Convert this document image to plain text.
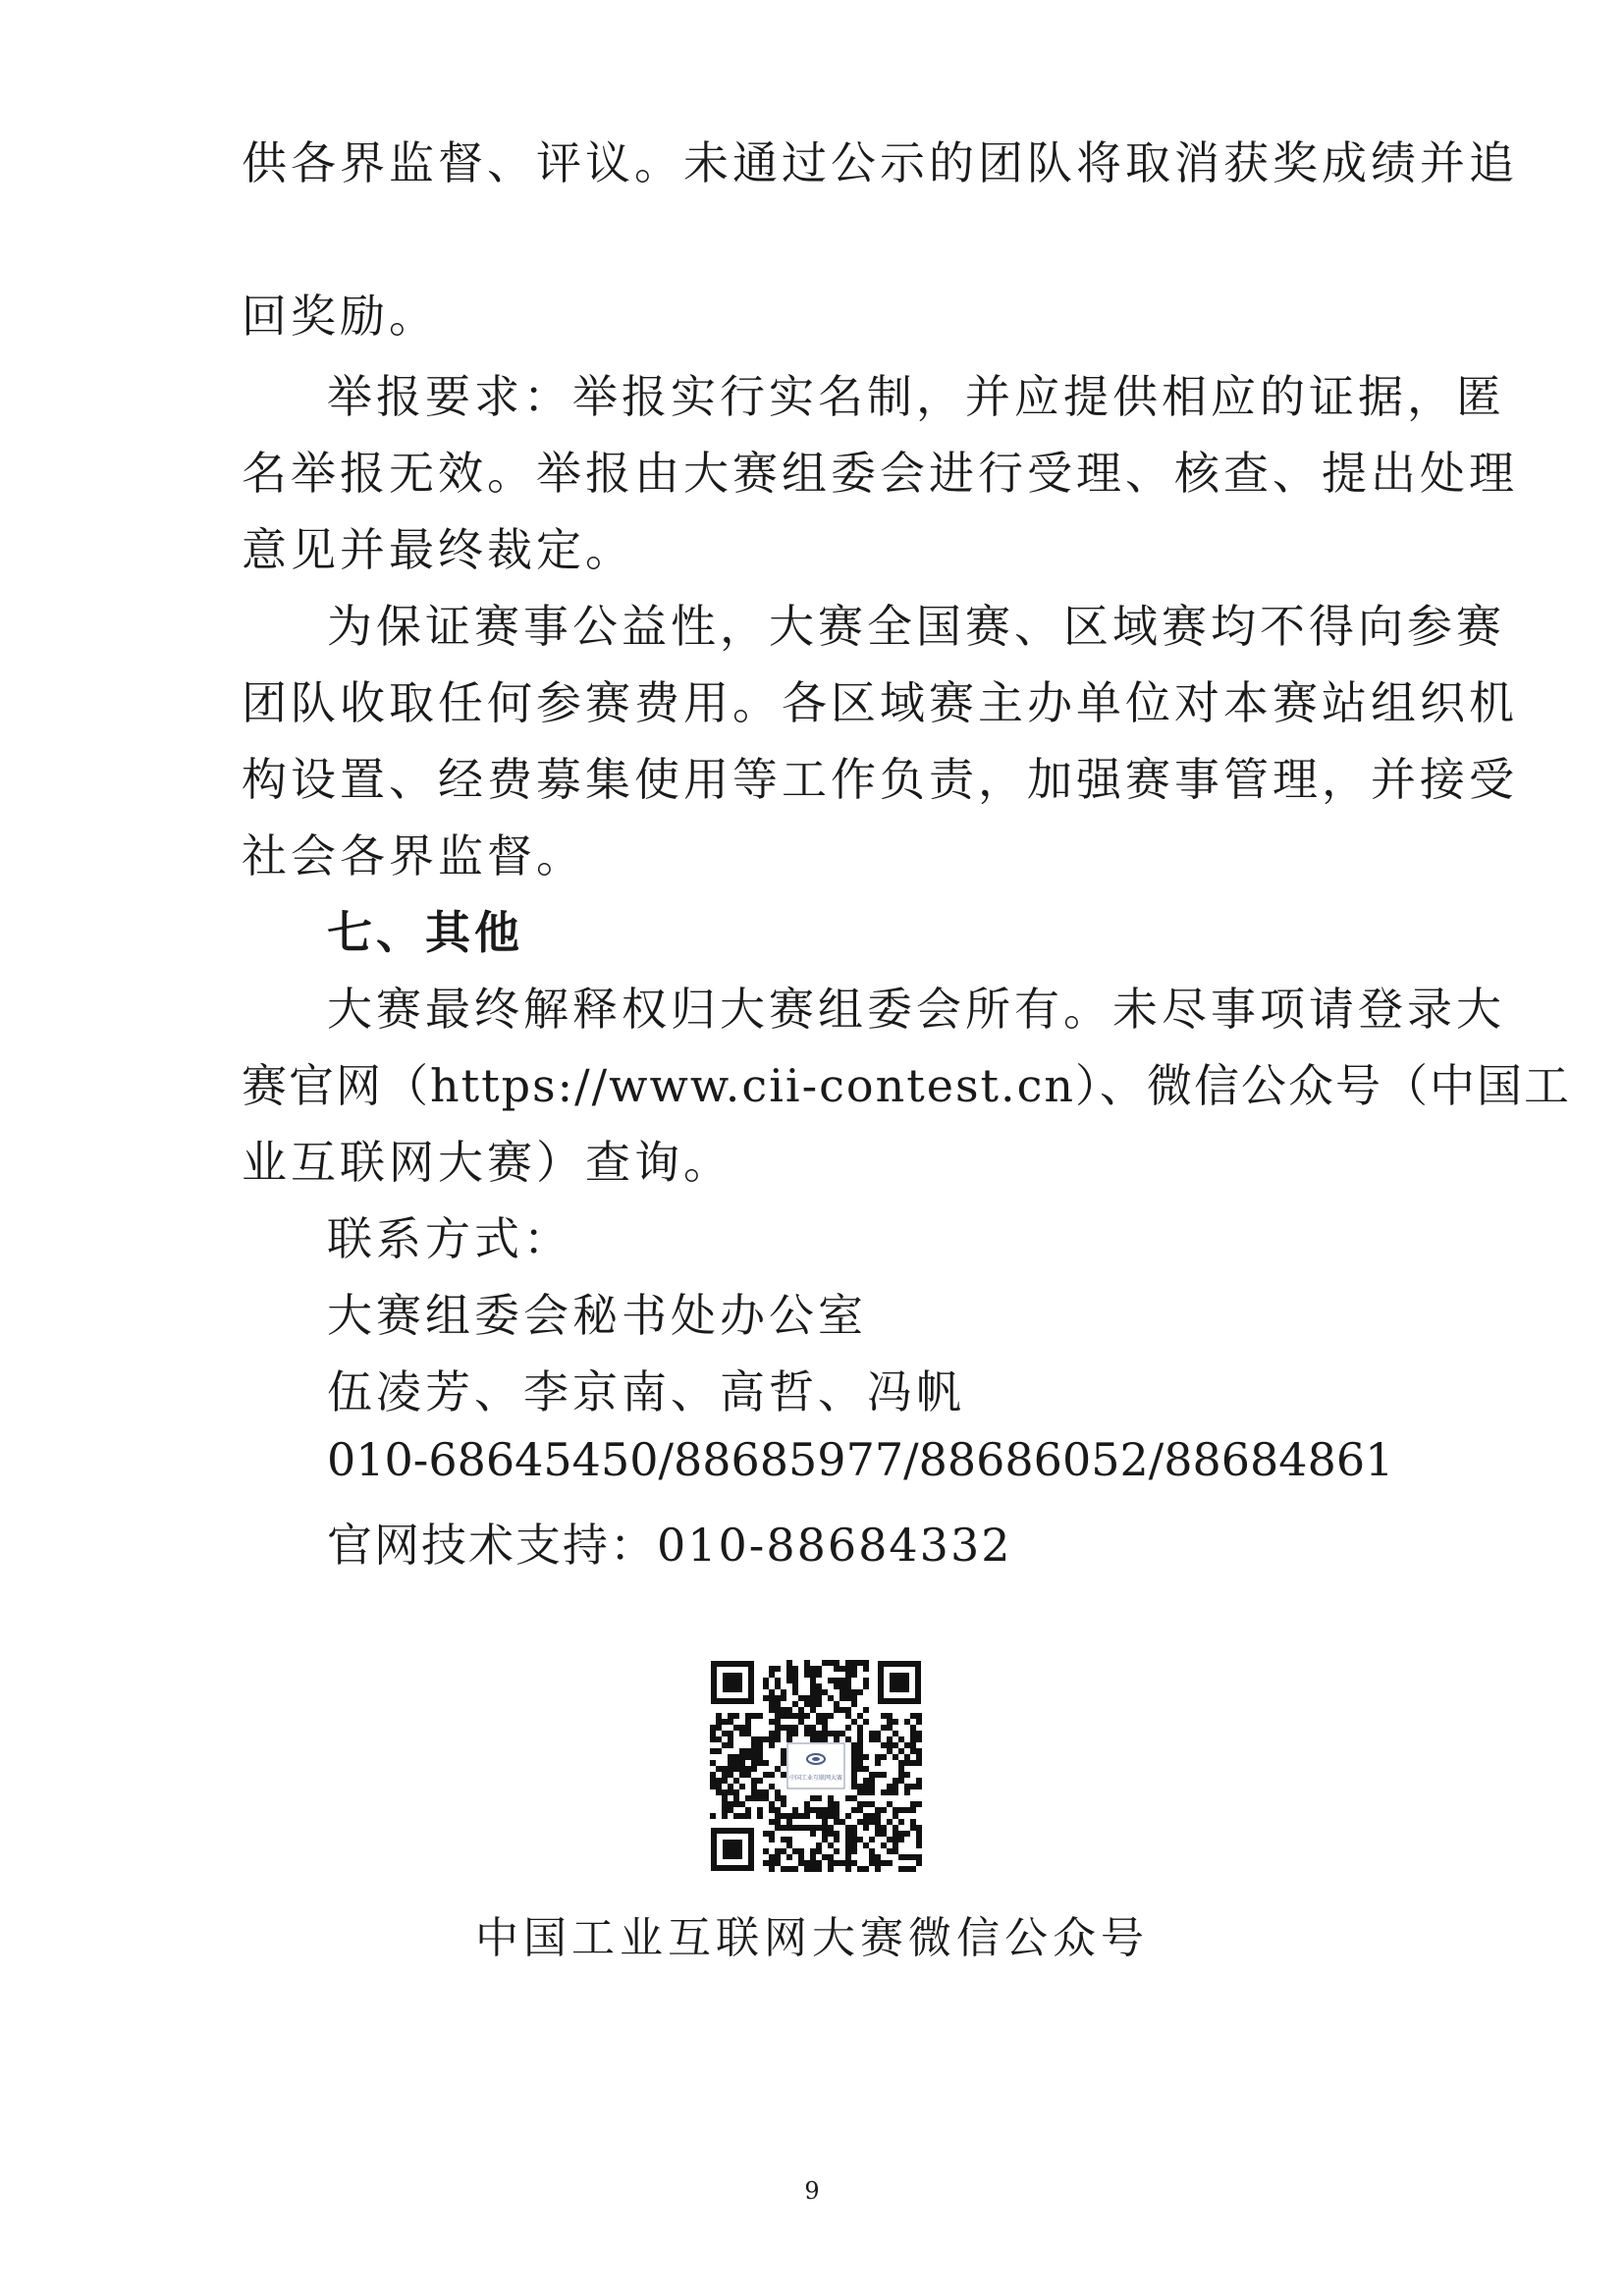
供各界监督、评议。未通过公示的团队将取消获奖成绩并追
回奖励。
举报要求：举报实行实名制，并应提供相应的证据，匿
名举报无效。举报由大赛组委会进行受理、核查、提出处理
意见并最终裁定。
为保证赛事公益性，大赛全国赛、区域赛均不得向参赛
团队收取任何参赛费用。各区域赛主办单位对本赛站组织机
构设置、经费募集使用等工作负责，加强赛事管理，并接受
社会各界监督。
七、其他
大赛最终解释权归大赛组委会所有。未尽事项请登录大
赛官网（https://www.cii-contest.cn）、微信公众号（中国工
业互联网大赛）查询。
联系方式：
大赛组委会秘书处办公室
伍凌芳、李京南、高哲、冯帆
010-68645450/88685977/88686052/88684861
官网技术支持：010-88684332
中国工业互联网大赛
中国工业互联网大赛微信公众号
9
